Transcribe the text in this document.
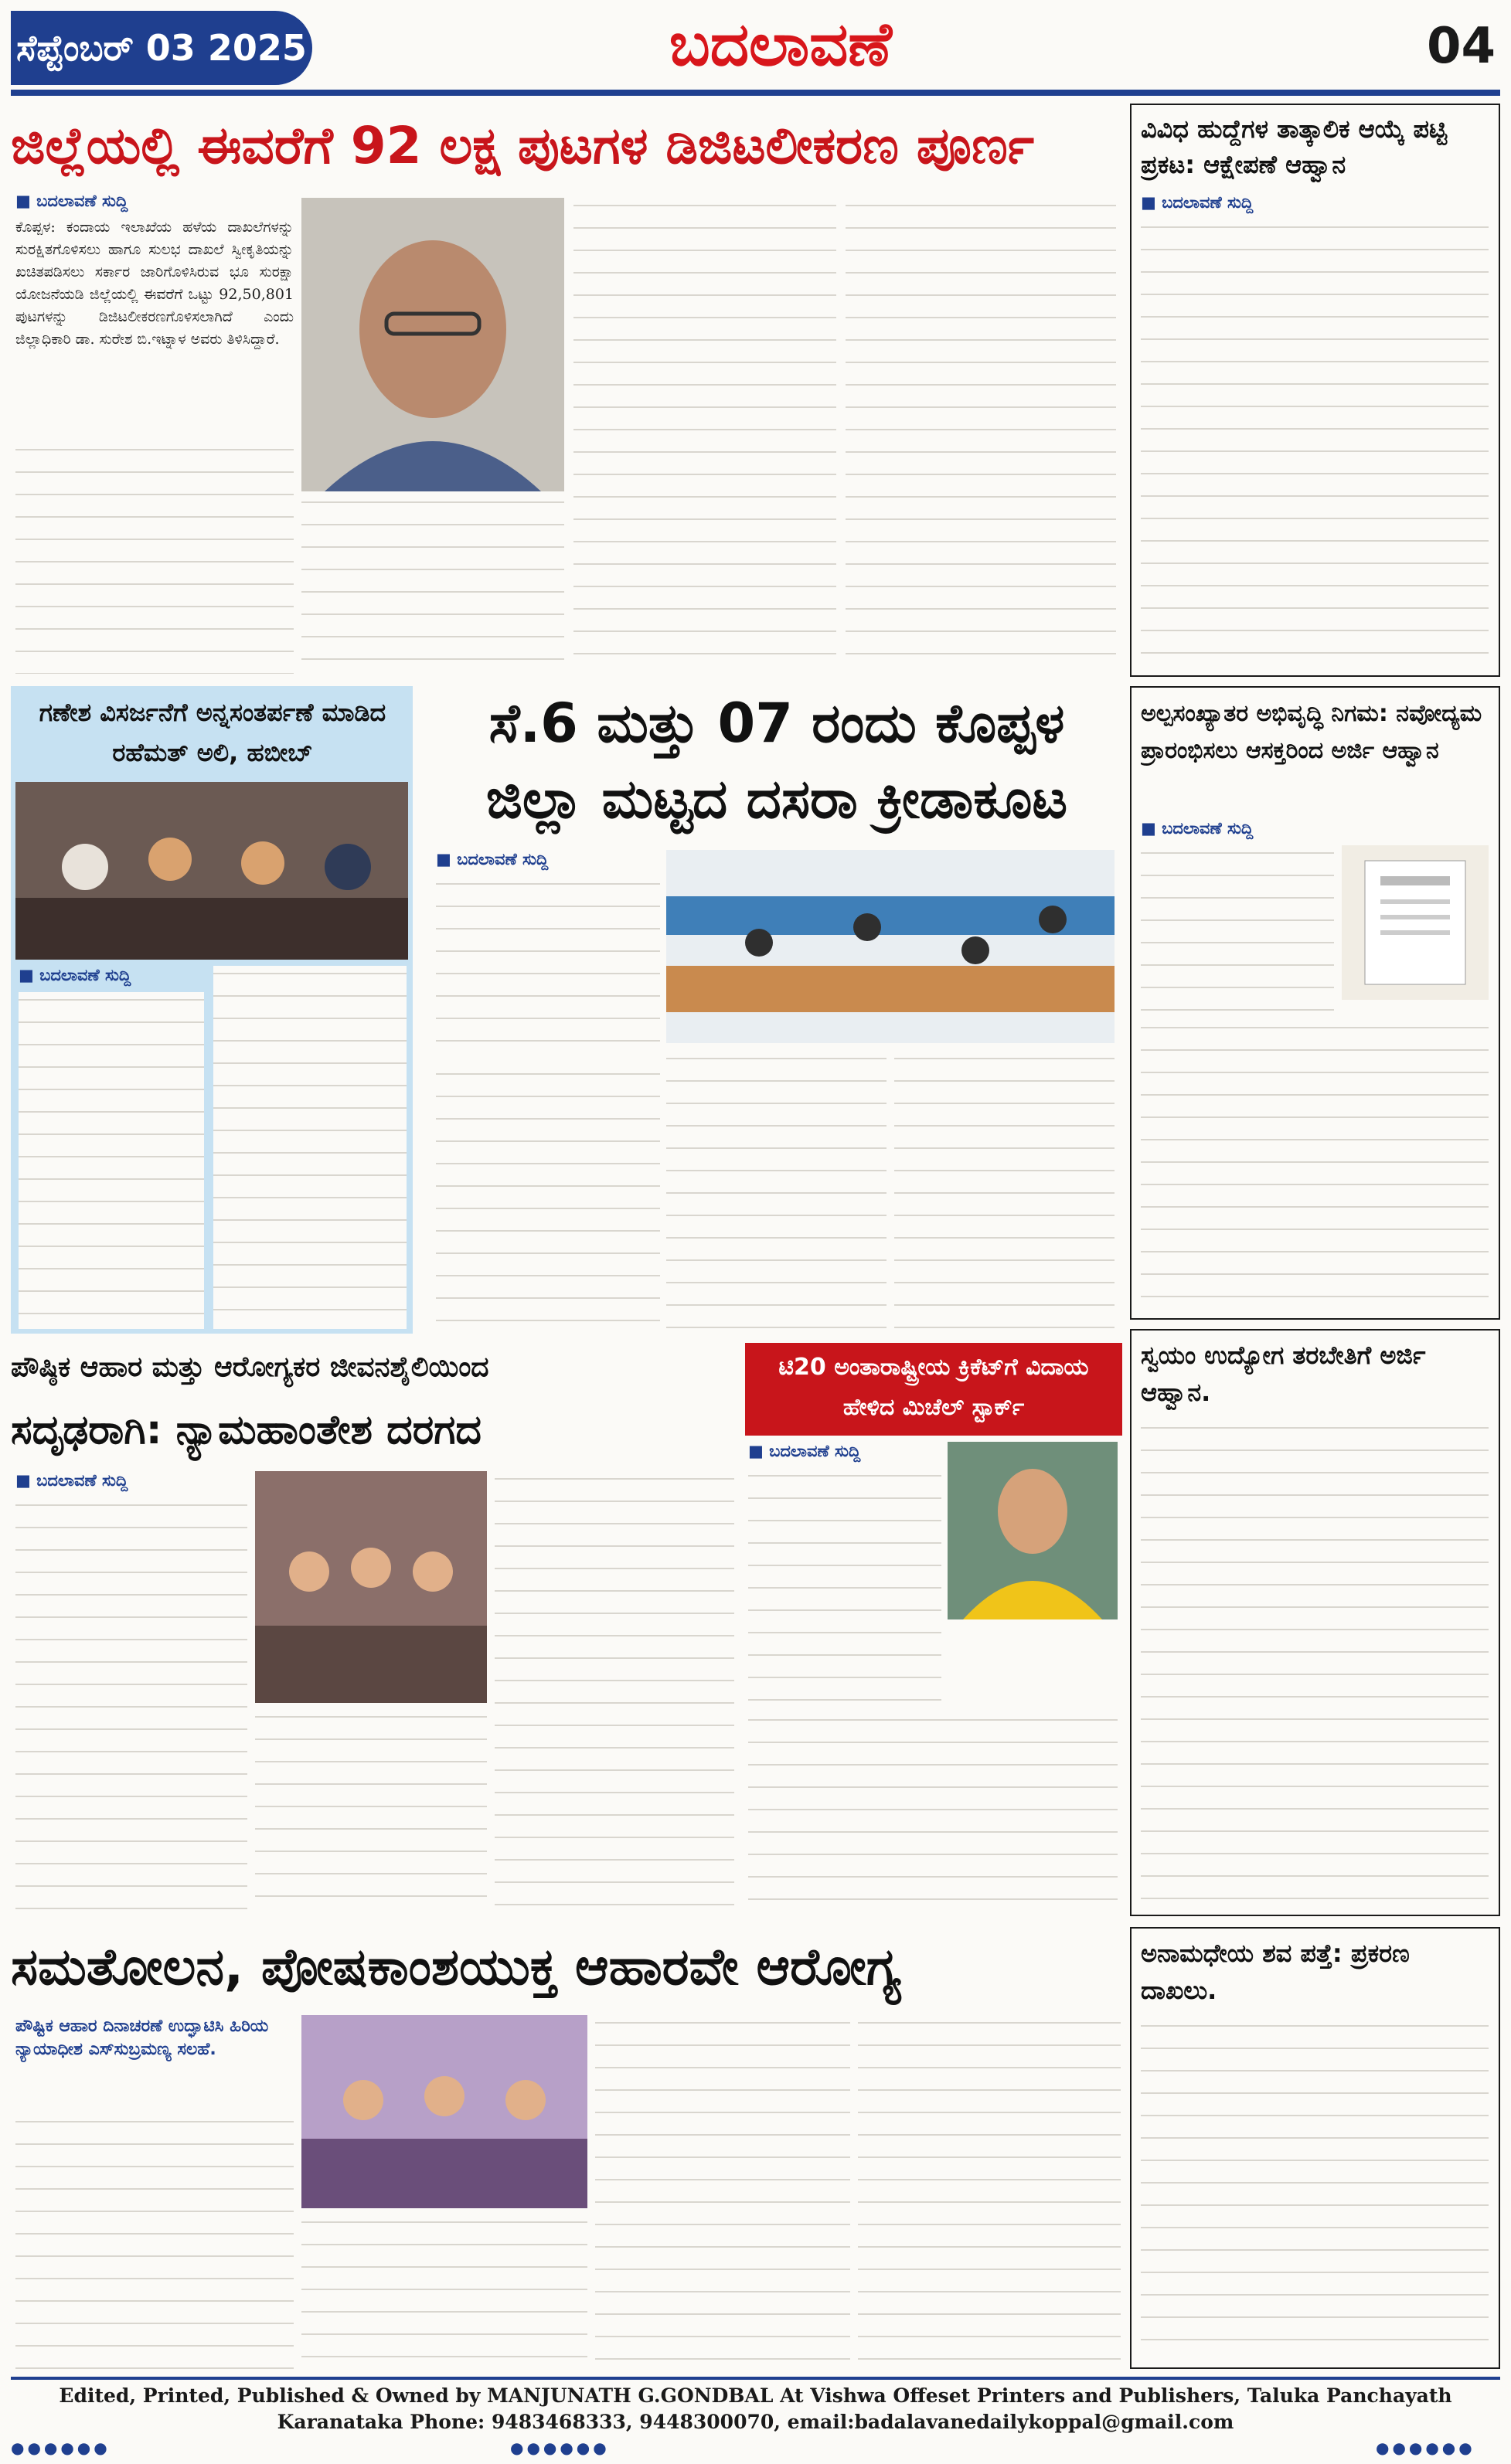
ಸೆಪ್ಟೆಂಬರ್ 03 2025	ಬದಲಾವಣೆ	04
ಜಿಲ್ಲೆಯಲ್ಲಿ ಈವರೆಗೆ 92 ಲಕ್ಷ ಪುಟಗಳ ಡಿಜಿಟಲೀಕರಣ ಪೂರ್ಣ
■ ಬದಲಾವಣೆ ಸುದ್ದಿ
ಕೊಪ್ಪಳ: ಕಂದಾಯ ಇಲಾಖೆಯ ಹಳೆಯ ದಾಖಲೆಗಳನ್ನು ಸುರಕ್ಷಿತಗೊಳಿಸಲು ಹಾಗೂ ಸುಲಭ ದಾಖಲೆ ಸ್ವೀಕೃತಿಯನ್ನು ಖಚಿತಪಡಿಸಲು ಸರ್ಕಾರ ಜಾರಿಗೊಳಿಸಿರುವ ಭೂ ಸುರಕ್ಷಾ ಯೋಜನೆಯಡಿ ಜಿಲ್ಲೆಯಲ್ಲಿ ಈವರೆಗೆ ಒಟ್ಟು 92,50,801 ಪುಟಗಳನ್ನು ಡಿಜಿಟಲೀಕರಣಗೊಳಿಸಲಾಗಿದೆ ಎಂದು ಜಿಲ್ಲಾಧಿಕಾರಿ ಡಾ. ಸುರೇಶ ಬಿ.ಇಟ್ನಾಳ ಅವರು ತಿಳಿಸಿದ್ದಾರೆ.
ವಿವಿಧ ಹುದ್ದೆಗಳ ತಾತ್ಕಾಲಿಕ ಆಯ್ಕೆ ಪಟ್ಟಿ ಪ್ರಕಟ: ಆಕ್ಷೇಪಣೆ ಆಹ್ವಾನ
■ ಬದಲಾವಣೆ ಸುದ್ದಿ
ಗಣೇಶ ವಿಸರ್ಜನೆಗೆ ಅನ್ನಸಂತರ್ಪಣೆ ಮಾಡಿದ ರಹೆಮತ್ ಅಲಿ, ಹಬೀಬ್
■ ಬದಲಾವಣೆ ಸುದ್ದಿ
ಸೆ.6 ಮತ್ತು 07 ರಂದು ಕೊಪ್ಪಳ
ಜಿಲ್ಲಾ ಮಟ್ಟದ ದಸರಾ ಕ್ರೀಡಾಕೂಟ
■ ಬದಲಾವಣೆ ಸುದ್ದಿ
ಅಲ್ಪಸಂಖ್ಯಾತರ ಅಭಿವೃದ್ಧಿ ನಿಗಮ: ನವೋದ್ಯಮ ಪ್ರಾರಂಭಿಸಲು ಆಸಕ್ತರಿಂದ ಅರ್ಜಿ ಆಹ್ವಾನ
■ ಬದಲಾವಣೆ ಸುದ್ದಿ
ಸ್ವಯಂ ಉದ್ಯೋಗ ತರಬೇತಿಗೆ ಅರ್ಜಿ ಆಹ್ವಾನ.
ಪೌಷ್ಠಿಕ ಆಹಾರ ಮತ್ತು ಆರೋಗ್ಯಕರ ಜೀವನಶೈಲಿಯಿಂದ
ಸದೃಢರಾಗಿ: ನ್ಯಾಮಹಾಂತೇಶ ದರಗದ
■ ಬದಲಾವಣೆ ಸುದ್ದಿ
ಟಿ20 ಅಂತಾರಾಷ್ಟ್ರೀಯ ಕ್ರಿಕೆಟ್‌ಗೆ ವಿದಾಯ ಹೇಳಿದ ಮಿಚೆಲ್ ಸ್ಟಾರ್ಕ್
■ ಬದಲಾವಣೆ ಸುದ್ದಿ
ಸಮತೋಲನ, ಪೋಷಕಾಂಶಯುಕ್ತ ಆಹಾರವೇ ಆರೋಗ್ಯ
ಪೌಷ್ಟಿಕ ಆಹಾರ ದಿನಾಚರಣೆ ಉದ್ಘಾಟಿಸಿ ಹಿರಿಯ ನ್ಯಾಯಾಧೀಶ ಎಸ್‌ಸುಬ್ರಮಣ್ಯ ಸಲಹೆ.
ಅನಾಮಧೇಯ ಶವ ಪತ್ತೆ: ಪ್ರಕರಣ ದಾಖಲು.
Edited, Printed, Published & Owned by MANJUNATH G.GONDBAL At Vishwa Offeset Printers and Publishers, Taluka Panchayath
Karanataka Phone: 9483468333, 9448300070, email:badalavanedailykoppal@gmail.com
●●●●●●	●●●●●●	●●●●●●
